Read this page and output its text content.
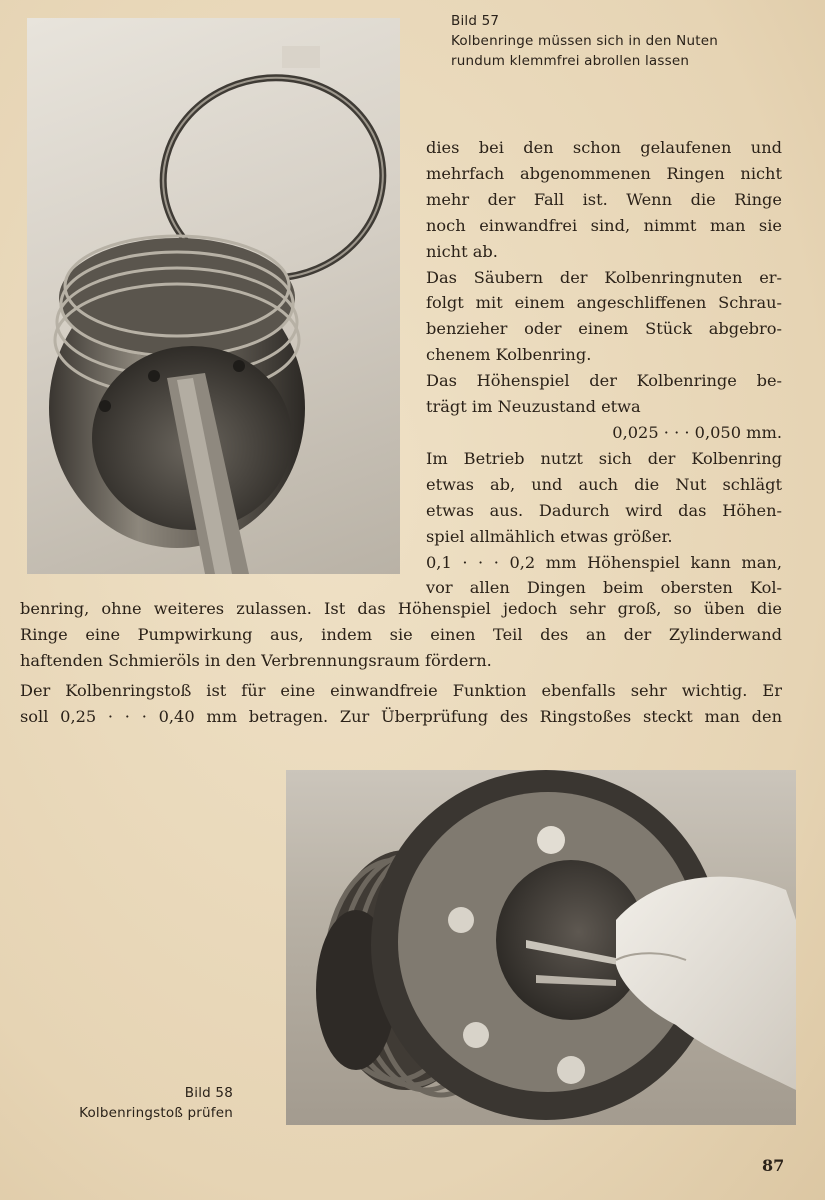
Bild 57
Kolbenringe müssen sich in den Nuten
rundum klemmfrei abrollen lassen
dies bei den schon gelaufenen und
mehrfach abgenommenen Ringen nicht
mehr der Fall ist. Wenn die Ringe
noch einwandfrei sind, nimmt man sie
nicht ab.
Das Säubern der Kolbenringnuten er-
folgt mit einem angeschliffenen Schrau-
benzieher oder einem Stück abgebro-
chenem Kolbenring.
Das Höhenspiel der Kolbenringe be-
trägt im Neuzustand etwa
0,025 · · · 0,050 mm.
Im Betrieb nutzt sich der Kolbenring
etwas ab, und auch die Nut schlägt
etwas aus. Dadurch wird das Höhen-
spiel allmählich etwas größer.
0,1 · · · 0,2 mm Höhenspiel kann man,
vor allen Dingen beim obersten Kol-
benring, ohne weiteres zulassen. Ist das Höhenspiel jedoch sehr groß, so üben die
Ringe eine Pumpwirkung aus, indem sie einen Teil des an der Zylinderwand
haftenden Schmieröls in den Verbrennungsraum fördern.
Der Kolbenringstoß ist für eine einwandfreie Funktion ebenfalls sehr wichtig. Er
soll 0,25 · · · 0,40 mm betragen. Zur Überprüfung des Ringstoßes steckt man den
Bild 58
Kolbenringstoß prüfen
87
